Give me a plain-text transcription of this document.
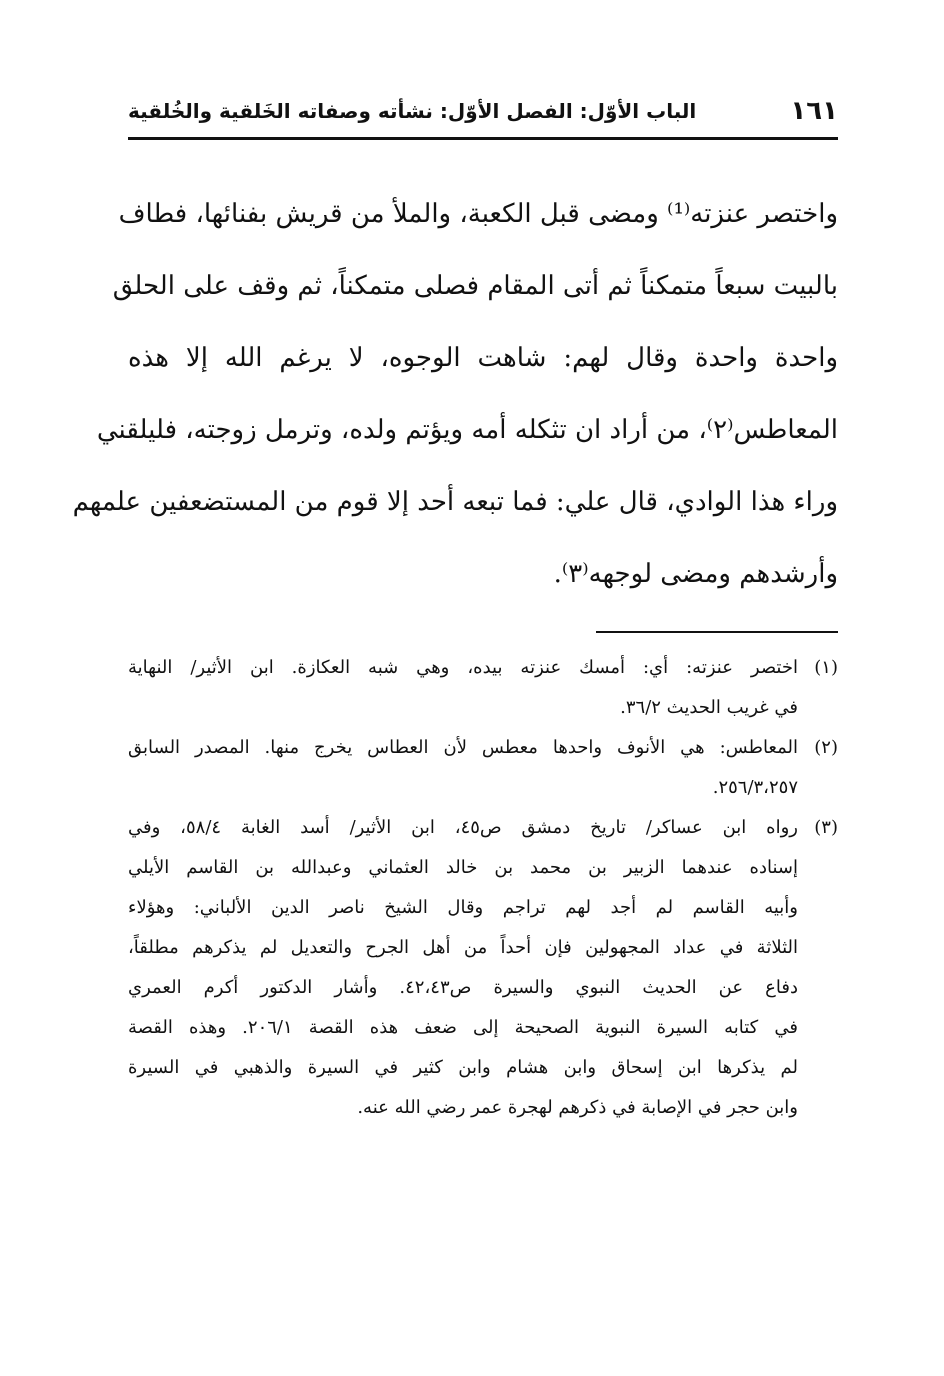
١٦١
الباب الأوّل: الفصل الأوّل: نشأته وصفاته الخَلقية والخُلقية
واختصر عنزته⁽¹⁾ ومضى قبل الكعبة، والملأ من قريش بفنائها، فطاف
بالبيت سبعاً متمكناً ثم أتى المقام فصلى متمكناً، ثم وقف على الحلق
واحدة واحدة وقال لهم: شاهت الوجوه، لا يرغم الله إلا هذه
المعاطس⁽٢⁾، من أراد ان تثكله أمه ويؤتم ولده، وترمل زوجته، فليلقني
وراء هذا الوادي، قال علي: فما تبعه أحد إلا قوم من المستضعفين علمهم
وأرشدهم ومضى لوجهه⁽٣⁾.
(١)
اختصر عنزته: أي: أمسك عنزته بيده، وهي شبه العكازة. ابن الأثير/ النهاية
في غريب الحديث ٣٦/٢.
(٢)
المعاطس: هي الأنوف واحدها معطس لأن العطاس يخرج منها. المصدر السابق
٢٥٦/٣،٢٥٧.
(٣)
رواه ابن عساكر/ تاريخ دمشق ص٤٥، ابن الأثير/ أسد الغابة ٥٨/٤، وفي
إسناده عندهما الزبير بن محمد بن خالد العثماني وعبدالله بن القاسم الأيلي
وأبيه القاسم لم أجد لهم تراجم وقال الشيخ ناصر الدين الألباني: وهؤلاء
الثلاثة في عداد المجهولين فإن أحداً من أهل الجرح والتعديل لم يذكرهم مطلقاً،
دفاع عن الحديث النبوي والسيرة ص٤٢،٤٣. وأشار الدكتور أكرم العمري
في كتابه السيرة النبوية الصحيحة إلى ضعف هذه القصة ٢٠٦/١. وهذه القصة
لم يذكرها ابن إسحاق وابن هشام وابن كثير في السيرة والذهبي في السيرة
وابن حجر في الإصابة في ذكرهم لهجرة عمر رضي الله عنه.
